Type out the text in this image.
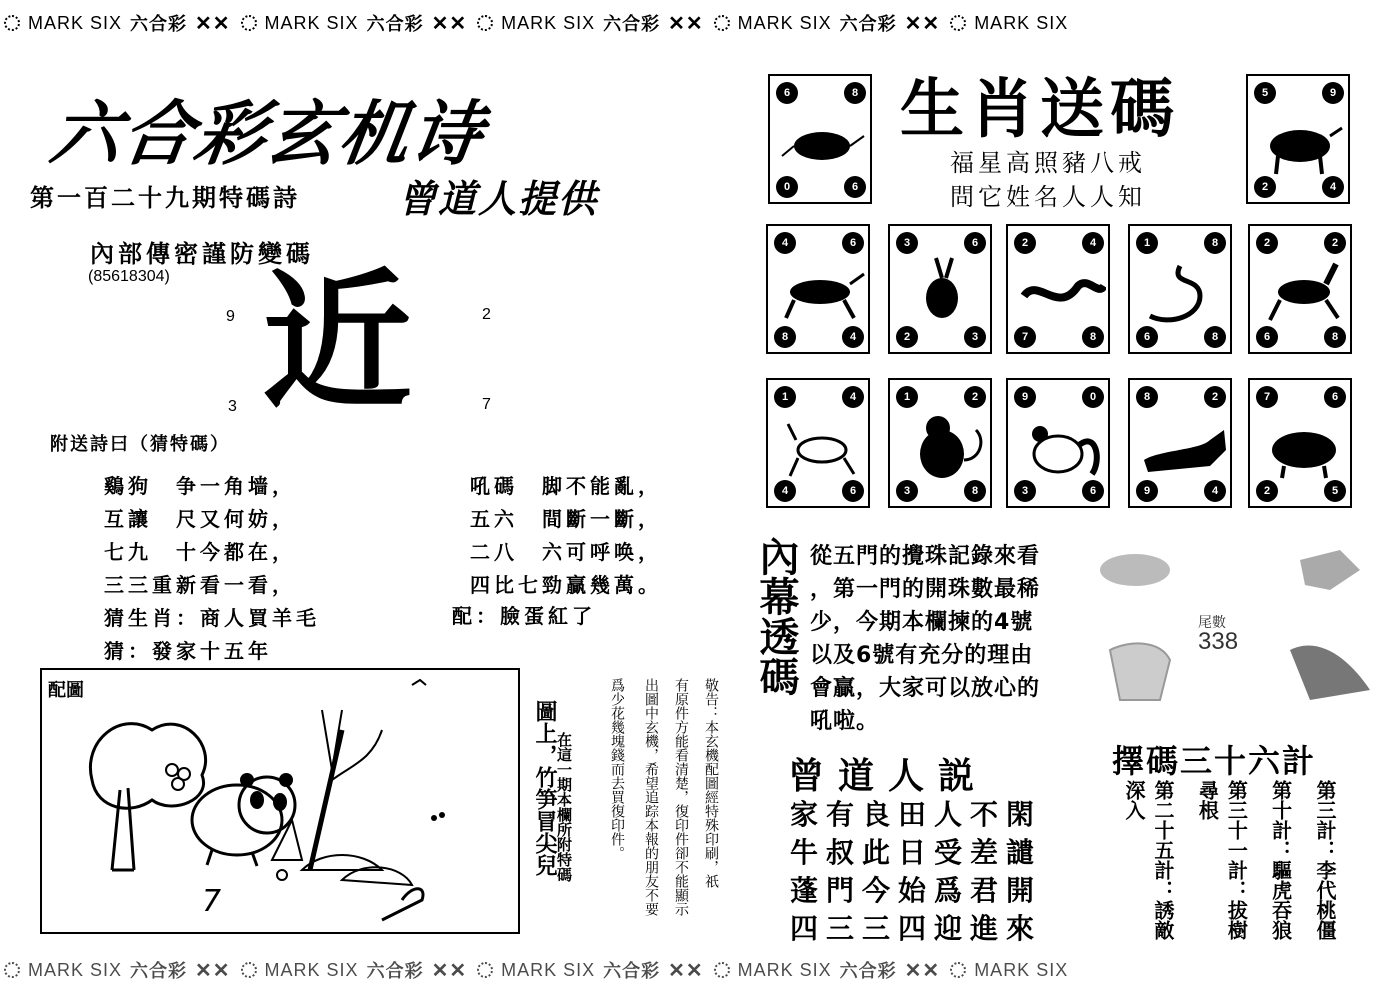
MARK SIX 六合彩 ✕✕ MARK SIX 六合彩 ✕✕ MARK SIX 六合彩 ✕✕ MARK SIX 六合彩 ✕✕ MARK SIX
六合彩玄机诗
第一百二十九期特碼詩	曾道人提供
內部傳密謹防變碼
(85618304)
9	2
3	7
近
附送詩曰（猜特碼）
鷄狗　争一角墙，
互讓　尺又何妨，
七九　十今都在，
三三重新看一看，
猜生肖：商人買羊毛
猜：發家十五年
吼碼　脚不能亂，
五六　間斷一斷，
二八　六可呼唤，
四比七勁贏幾萬。
配：臉蛋紅了
配圖
7
在這一期本欄所附特碼
圖上，竹笋冒尖兒	敬告：本玄機配圖經特殊印刷，祇
有原件方能看清楚，復印件卻不能顯示
出圖中玄機，希望追踪本報的朋友不要
爲少花幾塊錢而去買復印件。
生肖送碼
福星高照豬八戒
問它姓名人人知
6	8
0	6
5	9
2	4
4	6
8	4
3	6
2	3
2	4
7	8
1	8
6	8
2	2
6	8
1	4
4	6
1	2
3	8
9	0
3	6
8	2
9	4
7	6
2	5
內幕透碼 從五門的攪珠記錄來看
，第一門的開珠數最稀
少，今期本欄揀的4號
以及6號有充分的理由
會贏，大家可以放心的
吼啦。
尾數
338
曾道人説
家有良田人不閑
牛叔此日受差譴
蓬門今始爲君開
四三三四迎進來
擇碼三十六計
第三計：李代桃僵
第十計：驅虎吞狼
第三十一計：拔樹尋根
第二十五計：誘敵深入
MARK SIX 六合彩 ✕✕ MARK SIX 六合彩 ✕✕ MARK SIX 六合彩 ✕✕ MARK SIX 六合彩 ✕✕ MARK SIX
